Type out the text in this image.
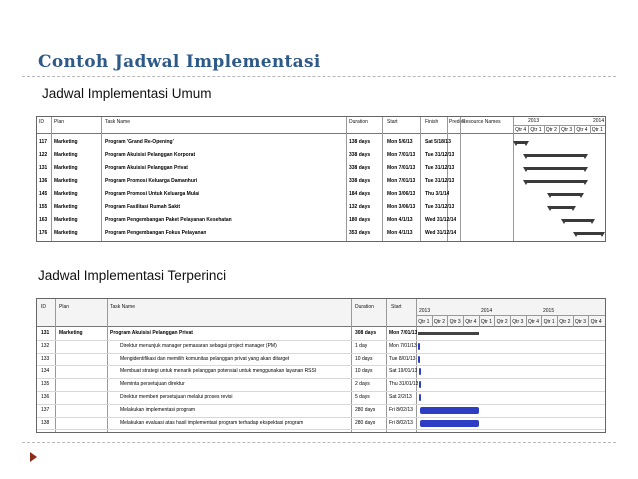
Contoh Jadwal Implementasi
Jadwal Implementasi Umum
ID Plan	Task Name	Duration	Start	Finish Predec
Resource Names	2013	2014
Qtr 4 Qtr 1 Qtr 2 Qtr 3 Qtr 4 Qtr 1
117 Marketing	Program 'Grand Re-Opening'	138 days	Mon 5/6/13 Sat 5/18/13
122 Marketing	Program Akuisisi Pelanggan Korporat	338 days	Mon 7/01/13 Tue 31/12/13
131 Marketing	Program Akuisisi Pelanggan Privat	338 days	Mon 7/01/13 Tue 31/12/13
136 Marketing	Program Promosi Keluarga Damanhuri	338 days	Mon 7/01/13 Tue 31/12/13
145 Marketing	Program Promosi Untuk Keluarga Mulai	184 days	Mon 3/06/13 Thu 3/1/14
155 Marketing	Program Fasilitasi Rumah Sakit	132 days	Mon 3/06/13 Tue 31/12/13
163 Marketing	Program Pengembangan Paket Pelayanan Kesehatan	180 days	Mon 4/1/13 Wed 31/12/14
176 Marketing	Program Pengembangan Fokus Pelayanan	353 days	Mon 4/1/13 Wed 31/12/14
Jadwal Implementasi Terperinci
ID	Plan	Task Name	Duration	Start
2013	2014	2015
Qtr 1 Qtr 2 Qtr 3 Qtr 4 Qtr 1 Qtr 2 Qtr 3 Qtr 4 Qtr 1 Qtr 2 Qtr 3 Qtr 4
131 Marketing	Program Akuisisi Pelanggan Privat	308 days	Mon 7/01/13
132	Direktur menunjuk manager pemasaran sebagai project manager (PM)	1 day	Mon 7/01/13
133	Mengidentifikasi dan memilih komunitas pelanggan privat yang akan ditarget	10 days	Tue 8/01/13
134	Membuat strategi untuk menarik pelanggan potensial untuk menggunakan layanan RSSI	10 days	Sat 19/01/13
135	Meminta persetujuan direktur	2 days	Thu 31/01/13
136	Direktur memberi persetujuan melalui proses revisi	5 days	Sat 2/2/13
137	Melakukan implementasi program	280 days	Fri 8/02/13
138	Melakukan evaluasi atas hasil implementasi program terhadap ekspektasi program	280 days	Fri 8/02/13
